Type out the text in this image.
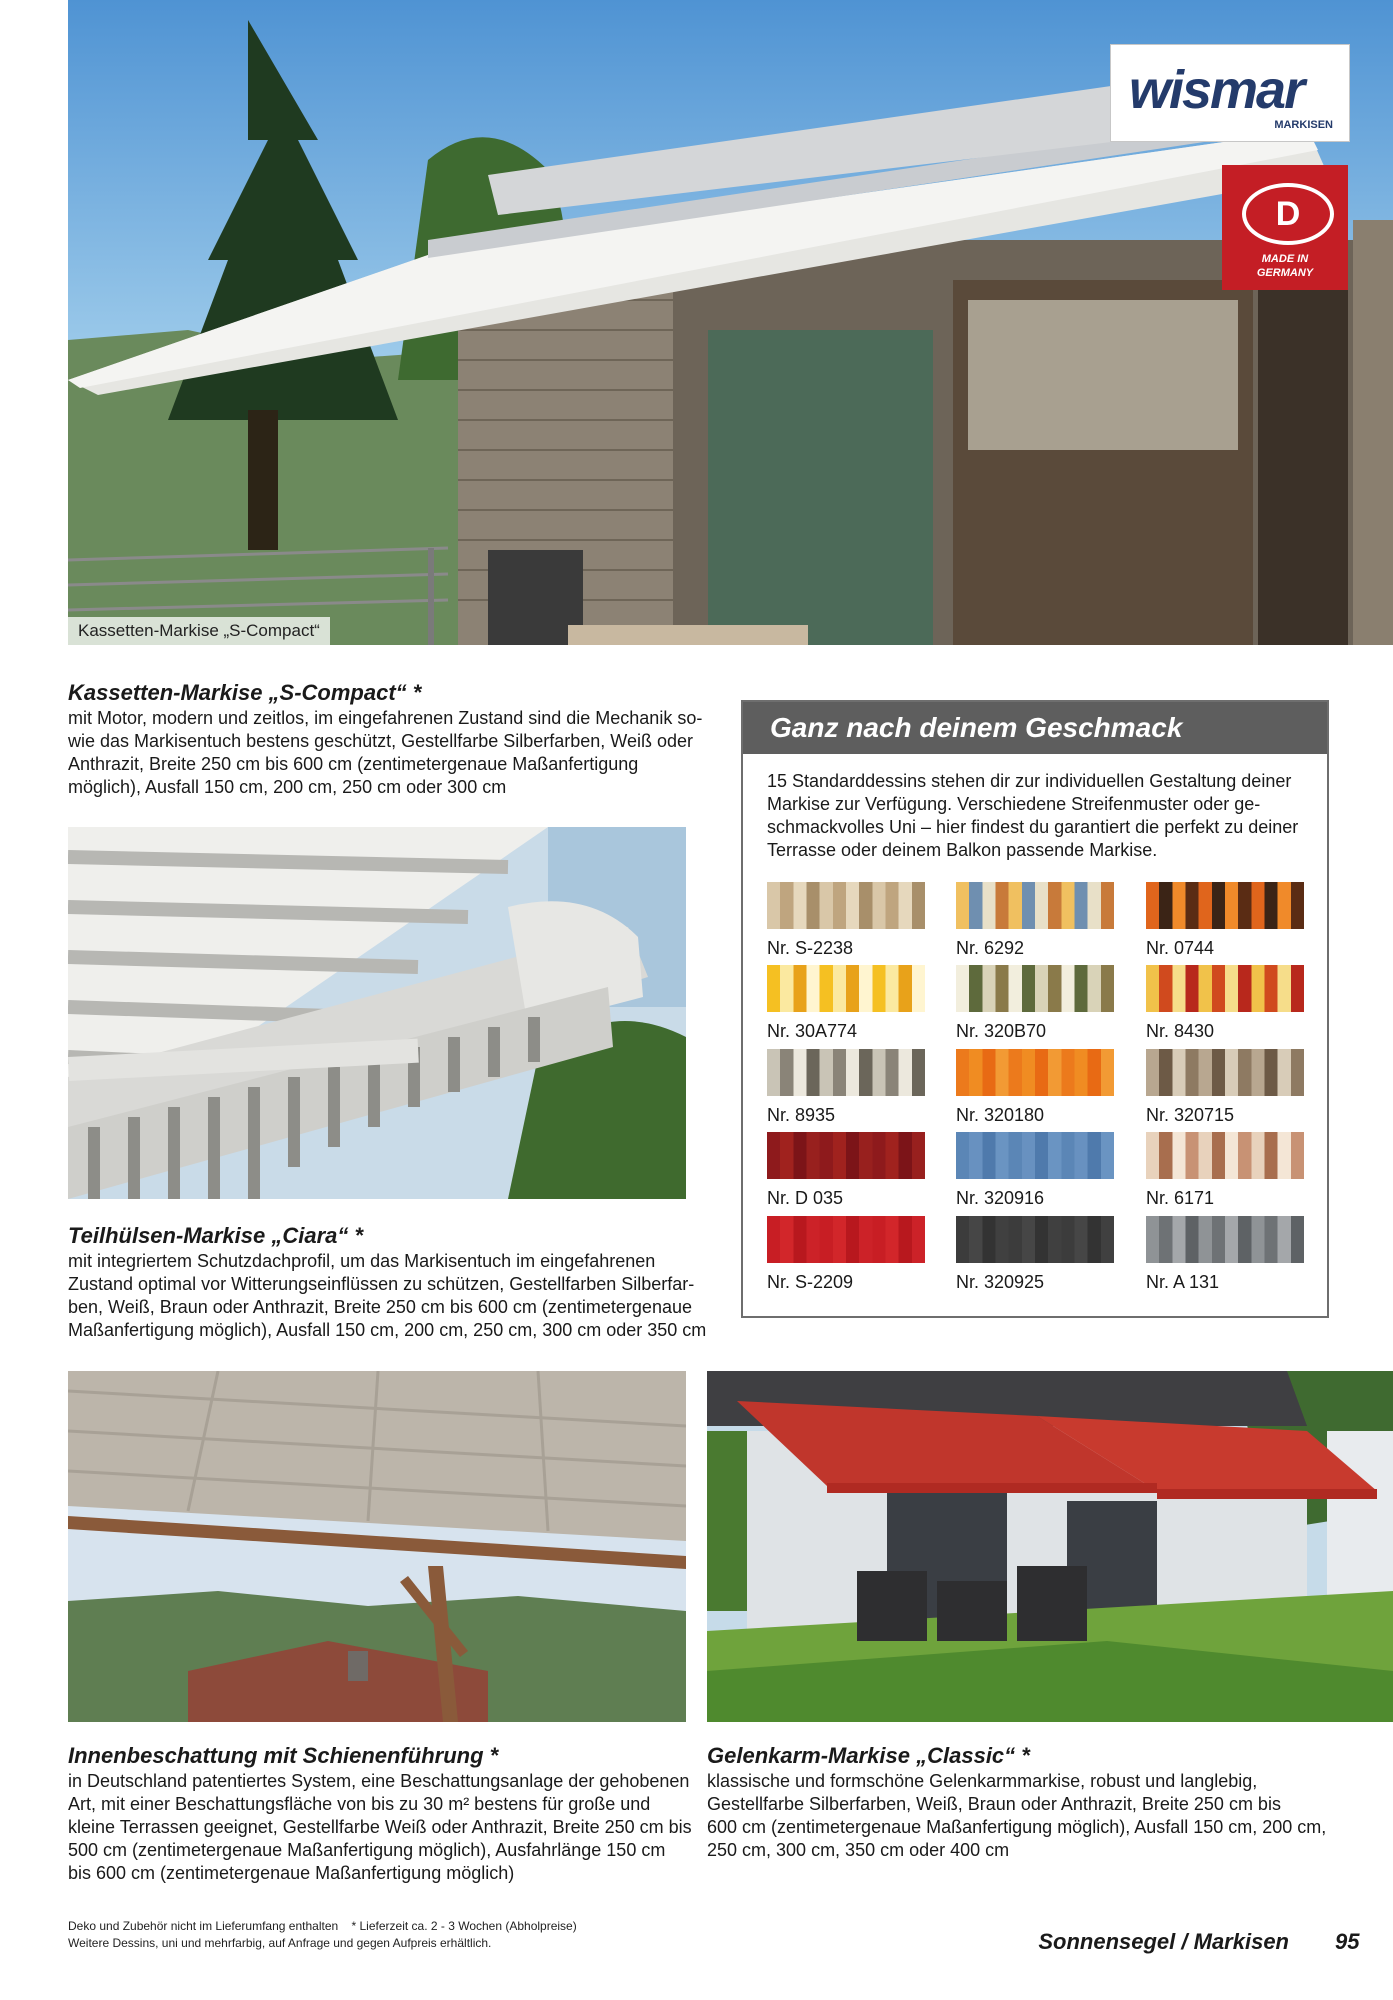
Kassetten-Markise „S-Compact“
wismar
MARKISEN
D
MADE IN
GERMANY
Kassetten-Markise „S-Compact“ *
mit Motor, modern und zeitlos, im eingefahrenen Zustand sind die Mechanik so-
wie das Markisentuch bestens geschützt, Gestellfarbe Silberfarben, Weiß oder
Anthrazit, Breite 250 cm bis 600 cm (zentimetergenaue Maßanfertigung
möglich), Ausfall 150 cm, 200 cm, 250 cm oder 300 cm
Teilhülsen-Markise „Ciara“ *
mit integriertem Schutzdachprofil, um das Markisentuch im eingefahrenen
Zustand optimal vor Witterungseinflüssen zu schützen, Gestellfarben Silberfar-
ben, Weiß, Braun oder Anthrazit, Breite 250 cm bis 600 cm (zentimetergenaue
Maßanfertigung möglich), Ausfall 150 cm, 200 cm, 250 cm, 300 cm oder 350 cm
Ganz nach deinem Geschmack
15 Standarddessins stehen dir zur individuellen Gestaltung deiner
Markise zur Verfügung. Verschiedene Streifenmuster oder ge-
schmackvolles Uni – hier findest du garantiert die perfekt zu deiner
Terrasse oder deinem Balkon passende Markise.
Nr. S-2238	Nr. 6292	Nr. 0744
Nr. 30A774	Nr. 320B70	Nr. 8430
Nr. 8935	Nr. 320180	Nr. 320715
Nr. D 035	Nr. 320916	Nr. 6171
Nr. S-2209	Nr. 320925	Nr. A 131
Innenbeschattung mit Schienenführung *
in Deutschland patentiertes System, eine Beschattungsanlage der gehobenen
Art, mit einer Beschattungsfläche von bis zu 30 m² bestens für große und
kleine Terrassen geeignet, Gestellfarbe Weiß oder Anthrazit, Breite 250 cm bis
500 cm (zentimetergenaue Maßanfertigung möglich), Ausfahrlänge 150 cm
bis 600 cm (zentimetergenaue Maßanfertigung möglich)
Gelenkarm-Markise „Classic“ *
klassische und formschöne Gelenkarmmarkise, robust und langlebig,
Gestellfarbe Silberfarben, Weiß, Braun oder Anthrazit, Breite 250 cm bis
600 cm (zentimetergenaue Maßanfertigung möglich), Ausfall 150 cm, 200 cm,
250 cm, 300 cm, 350 cm oder 400 cm
Deko und Zubehör nicht im Lieferumfang enthalten    * Lieferzeit ca. 2 - 3 Wochen (Abholpreise)
Weitere Dessins, uni und mehrfarbig, auf Anfrage und gegen Aufpreis erhältlich.	Sonnensegel / Markisen 95
